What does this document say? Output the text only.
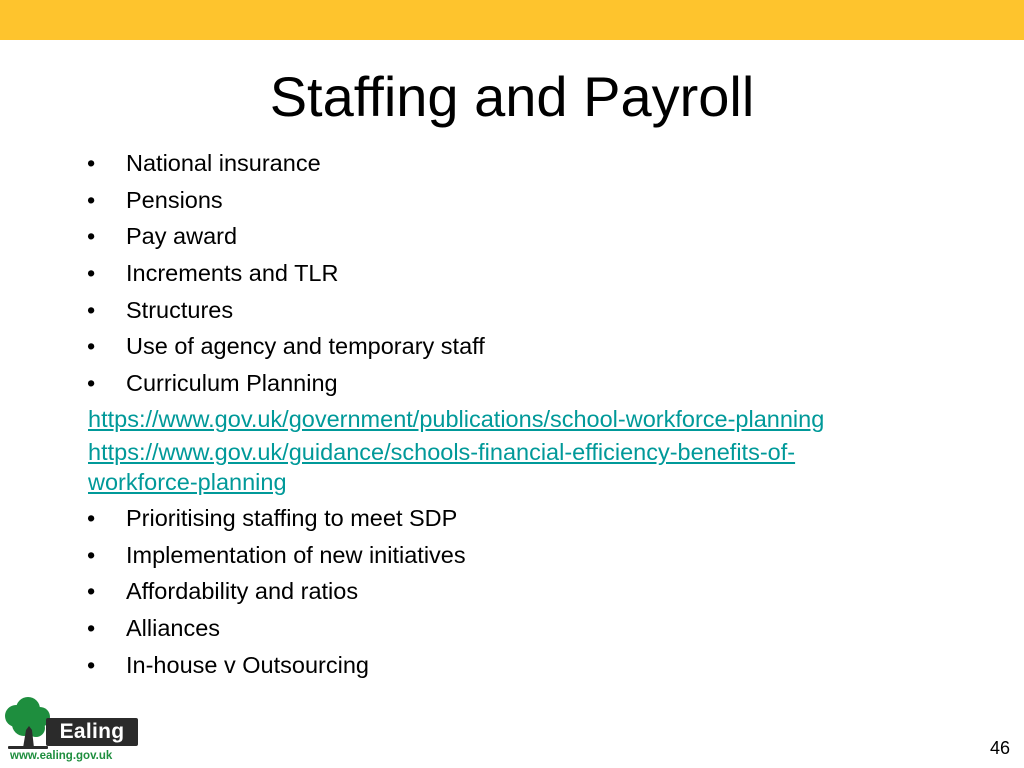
Staffing and Payroll
• National insurance
• Pensions
• Pay award
• Increments and TLR
• Structures
• Use of agency and temporary staff
• Curriculum Planning
https://www.gov.uk/government/publications/school-workforce-planning
https://www.gov.uk/guidance/schools-financial-efficiency-benefits-of-
workforce-planning
• Prioritising staffing to meet SDP
• Implementation of new initiatives
• Affordability and ratios
• Alliances
• In-house v Outsourcing
Ealing
www.ealing.gov.uk	46
